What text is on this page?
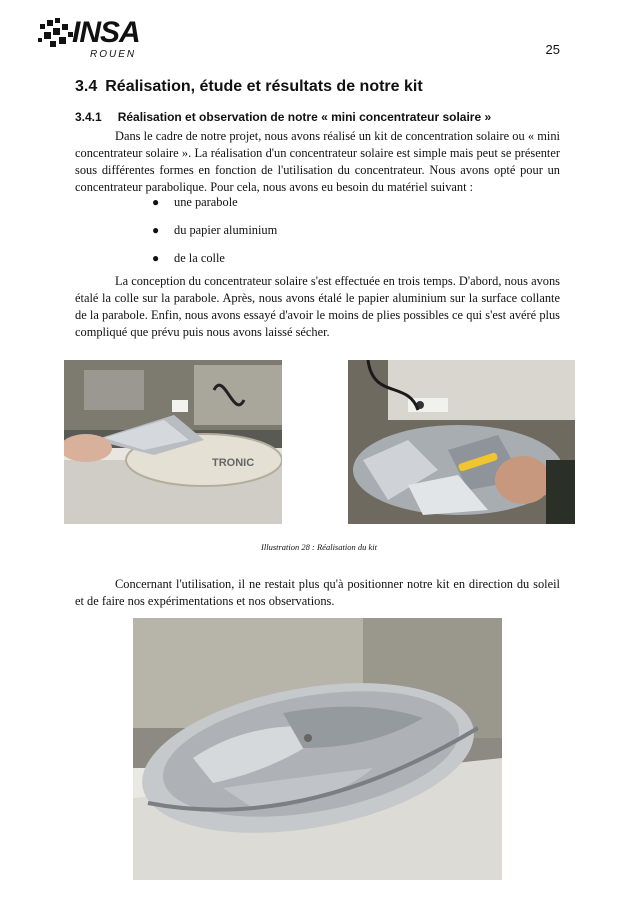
INSA
ROUEN	25
3.4 Réalisation, étude et résultats de notre kit
3.4.1 Réalisation et observation de notre « mini concentrateur solaire »

Dans le cadre de notre projet, nous avons réalisé un kit de concentration solaire ou « mini concentrateur solaire ». La réalisation d'un concentrateur solaire est simple mais peut se présenter sous différentes formes en fonction de l'utilisation du concentrateur. Nous avons opté pour un concentrateur parabolique. Pour cela, nous avons eu besoin du matériel suivant :

●	une parabole
●	du papier aluminium
●	de la colle

La conception du concentrateur solaire s'est effectuée en trois temps. D'abord, nous avons étalé la colle sur la parabole. Après, nous avons étalé le papier aluminium sur la surface collante de la parabole. Enfin, nous avons essayé d'avoir le moins de plies possibles ce qui s'est avéré plus compliqué que prévu puis nous avons laissé sécher.

TRONIC
Illustration 28 : Réalisation du kit

Concernant l'utilisation, il ne restait plus qu'à positionner notre kit en direction du soleil et de faire nos expérimentations et nos observations.
